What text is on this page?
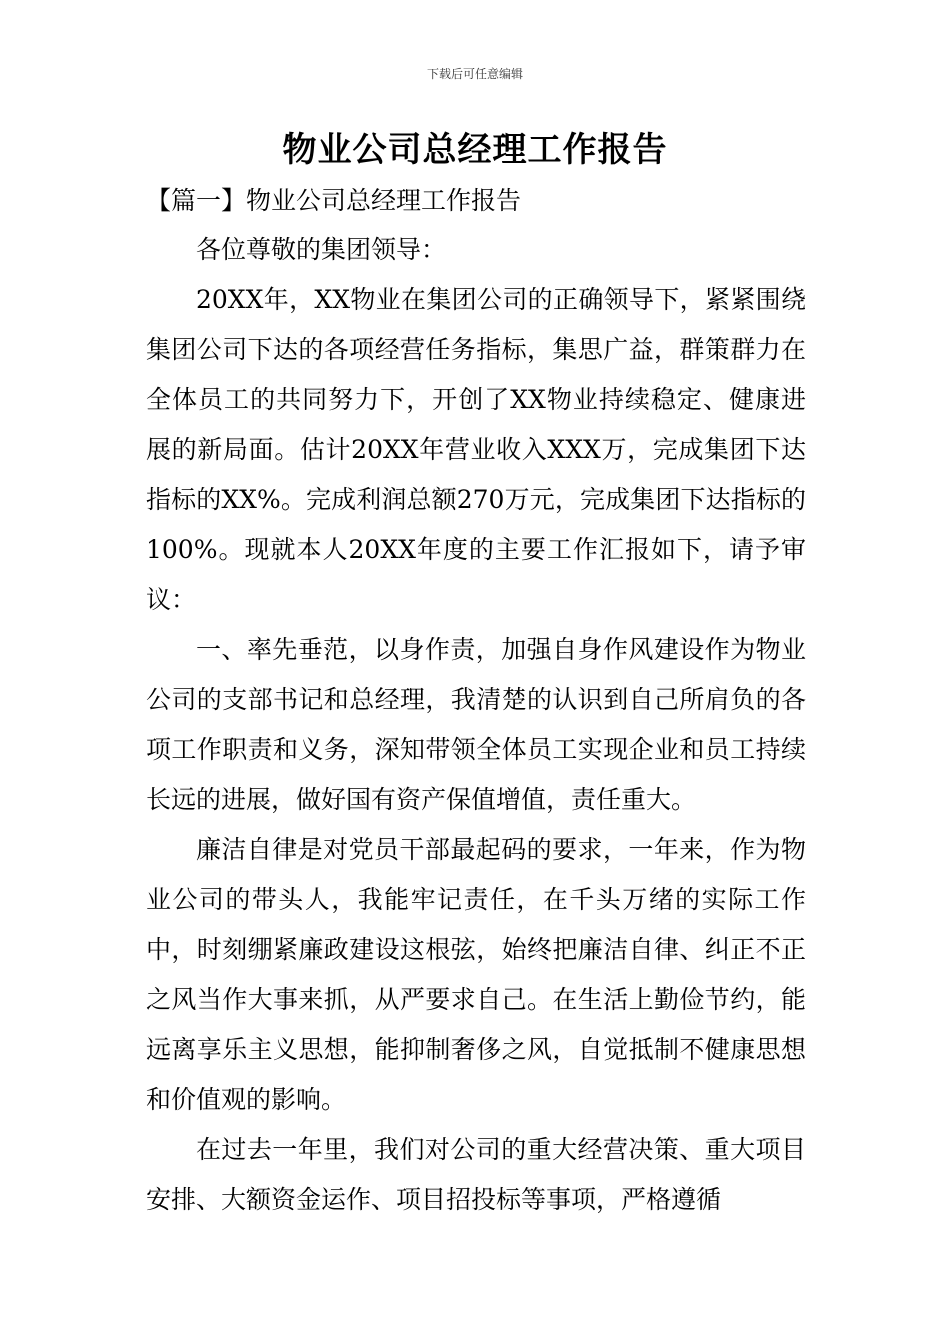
下载后可任意编辑
物业公司总经理工作报告
【篇一】物业公司总经理工作报告

各位尊敬的集团领导：

20XX年，XX物业在集团公司的正确领导下，紧紧围绕集团公司下达的各项经营任务指标，集思广益，群策群力在全体员工的共同努力下，开创了XX物业持续稳定、健康进展的新局面。估计20XX年营业收入XXX万，完成集团下达指标的XX%。完成利润总额270万元，完成集团下达指标的100%。现就本人20XX年度的主要工作汇报如下，请予审议：

一、率先垂范，以身作责，加强自身作风建设作为物业公司的支部书记和总经理，我清楚的认识到自己所肩负的各项工作职责和义务，深知带领全体员工实现企业和员工持续长远的进展，做好国有资产保值增值，责任重大。

廉洁自律是对党员干部最起码的要求，一年来，作为物业公司的带头人，我能牢记责任，在千头万绪的实际工作中，时刻绷紧廉政建设这根弦，始终把廉洁自律、纠正不正之风当作大事来抓，从严要求自己。在生活上勤俭节约，能远离享乐主义思想，能抑制奢侈之风，自觉抵制不健康思想和价值观的影响。

在过去一年里，我们对公司的重大经营决策、重大项目安排、大额资金运作、项目招投标等事项，严格遵循
